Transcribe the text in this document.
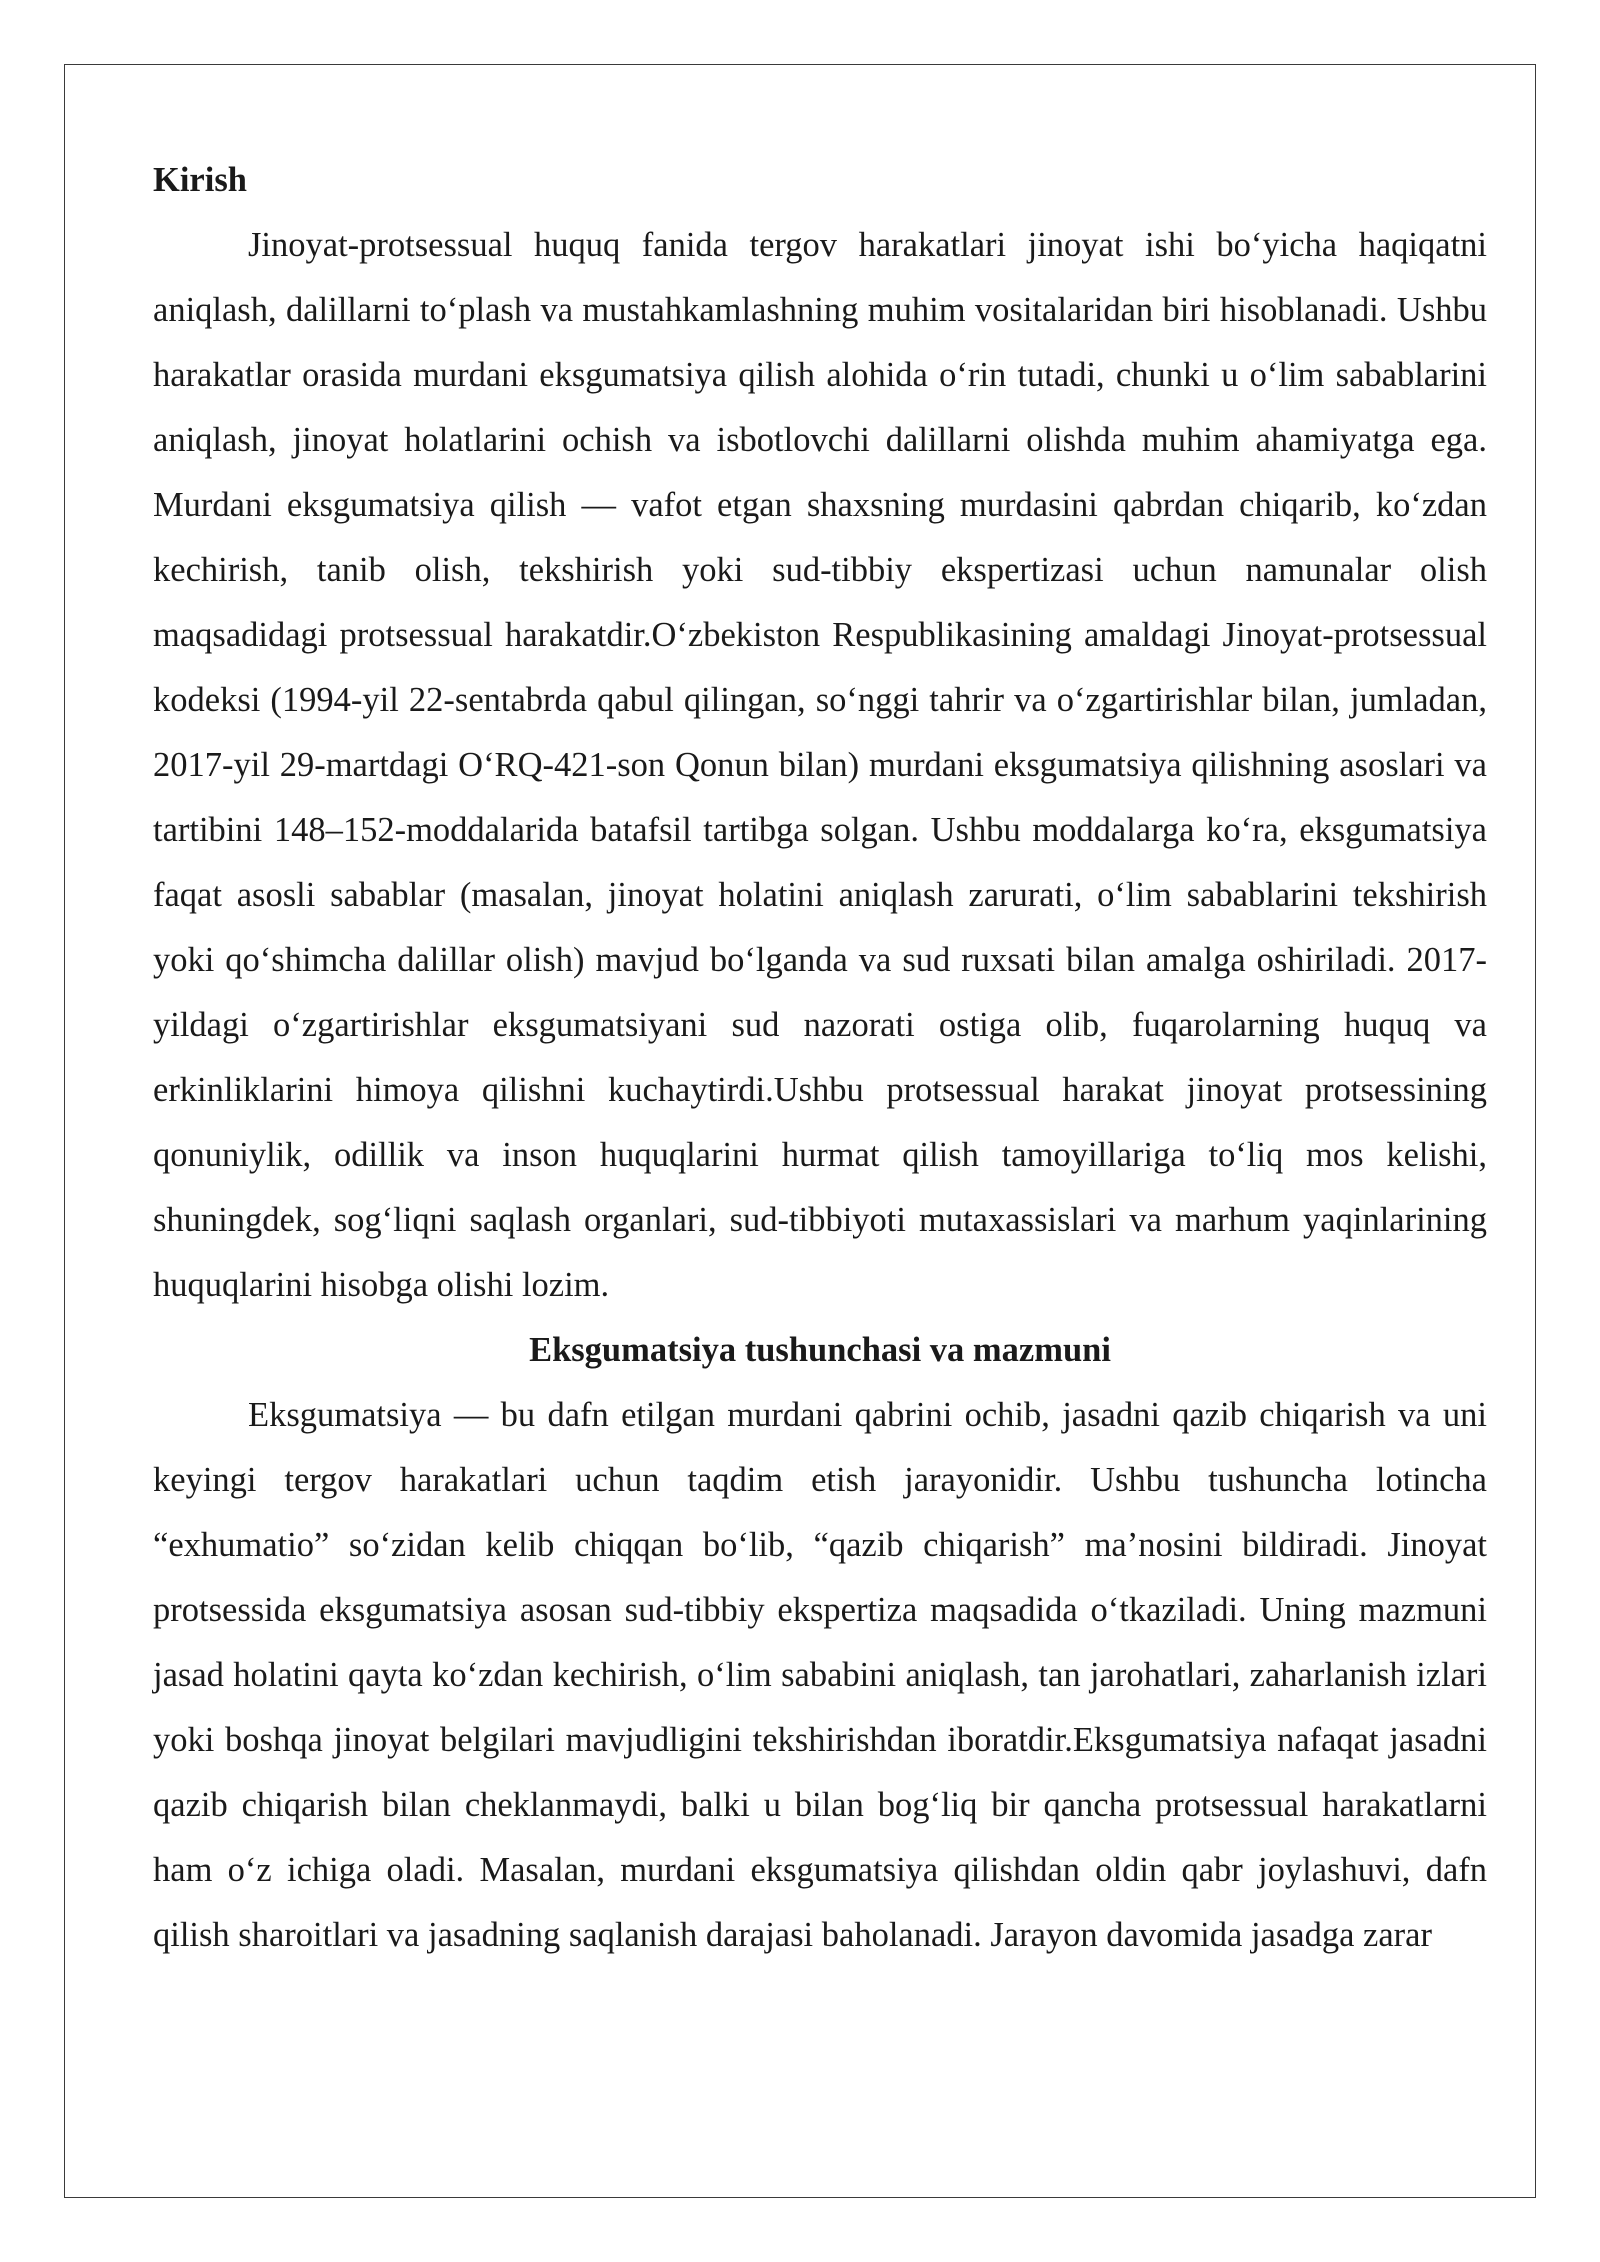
Kirish

Jinoyat-protsessual huquq fanida tergov harakatlari jinoyat ishi bo‘yicha haqiqatni aniqlash, dalillarni to‘plash va mustahkamlashning muhim vositalaridan biri hisoblanadi. Ushbu harakatlar orasida murdani eksgumatsiya qilish alohida o‘rin tutadi, chunki u o‘lim sabablarini aniqlash, jinoyat holatlarini ochish va isbotlovchi dalillarni olishda muhim ahamiyatga ega. Murdani eksgumatsiya qilish — vafot etgan shaxsning murdasini qabrdan chiqarib, ko‘zdan kechirish, tanib olish, tekshirish yoki sud-tibbiy ekspertizasi uchun namunalar olish maqsadidagi protsessual harakatdir.O‘zbekiston Respublikasining amaldagi Jinoyat-protsessual kodeksi (1994-yil 22-sentabrda qabul qilingan, so‘nggi tahrir va o‘zgartirishlar bilan, jumladan, 2017-yil 29-martdagi O‘RQ-421-son Qonun bilan) murdani eksgumatsiya qilishning asoslari va tartibini 148–152-moddalarida batafsil tartibga solgan. Ushbu moddalarga ko‘ra, eksgumatsiya faqat asosli sabablar (masalan, jinoyat holatini aniqlash zarurati, o‘lim sabablarini tekshirish yoki qo‘shimcha dalillar olish) mavjud bo‘lganda va sud ruxsati bilan amalga oshiriladi. 2017-yildagi o‘zgartirishlar eksgumatsiyani sud nazorati ostiga olib, fuqarolarning huquq va erkinliklarini himoya qilishni kuchaytirdi.Ushbu protsessual harakat jinoyat protsessining qonuniylik, odillik va inson huquqlarini hurmat qilish tamoyillariga to‘liq mos kelishi, shuningdek, sog‘liqni saqlash organlari, sud-tibbiyoti mutaxassislari va marhum yaqinlarining huquqlarini hisobga olishi lozim.

Eksgumatsiya tushunchasi va mazmuni

Eksgumatsiya — bu dafn etilgan murdani qabrini ochib, jasadni qazib chiqarish va uni keyingi tergov harakatlari uchun taqdim etish jarayonidir. Ushbu tushuncha lotincha “exhumatio” so‘zidan kelib chiqqan bo‘lib, “qazib chiqarish” ma’nosini bildiradi. Jinoyat protsessida eksgumatsiya asosan sud-tibbiy ekspertiza maqsadida o‘tkaziladi. Uning mazmuni jasad holatini qayta ko‘zdan kechirish, o‘lim sababini aniqlash, tan jarohatlari, zaharlanish izlari yoki boshqa jinoyat belgilari mavjudligini tekshirishdan iboratdir.Eksgumatsiya nafaqat jasadni qazib chiqarish bilan cheklanmaydi, balki u bilan bog‘liq bir qancha protsessual harakatlarni ham o‘z ichiga oladi. Masalan, murdani eksgumatsiya qilishdan oldin qabr joylashuvi, dafn qilish sharoitlari va jasadning saqlanish darajasi baholanadi. Jarayon davomida jasadga zarar
